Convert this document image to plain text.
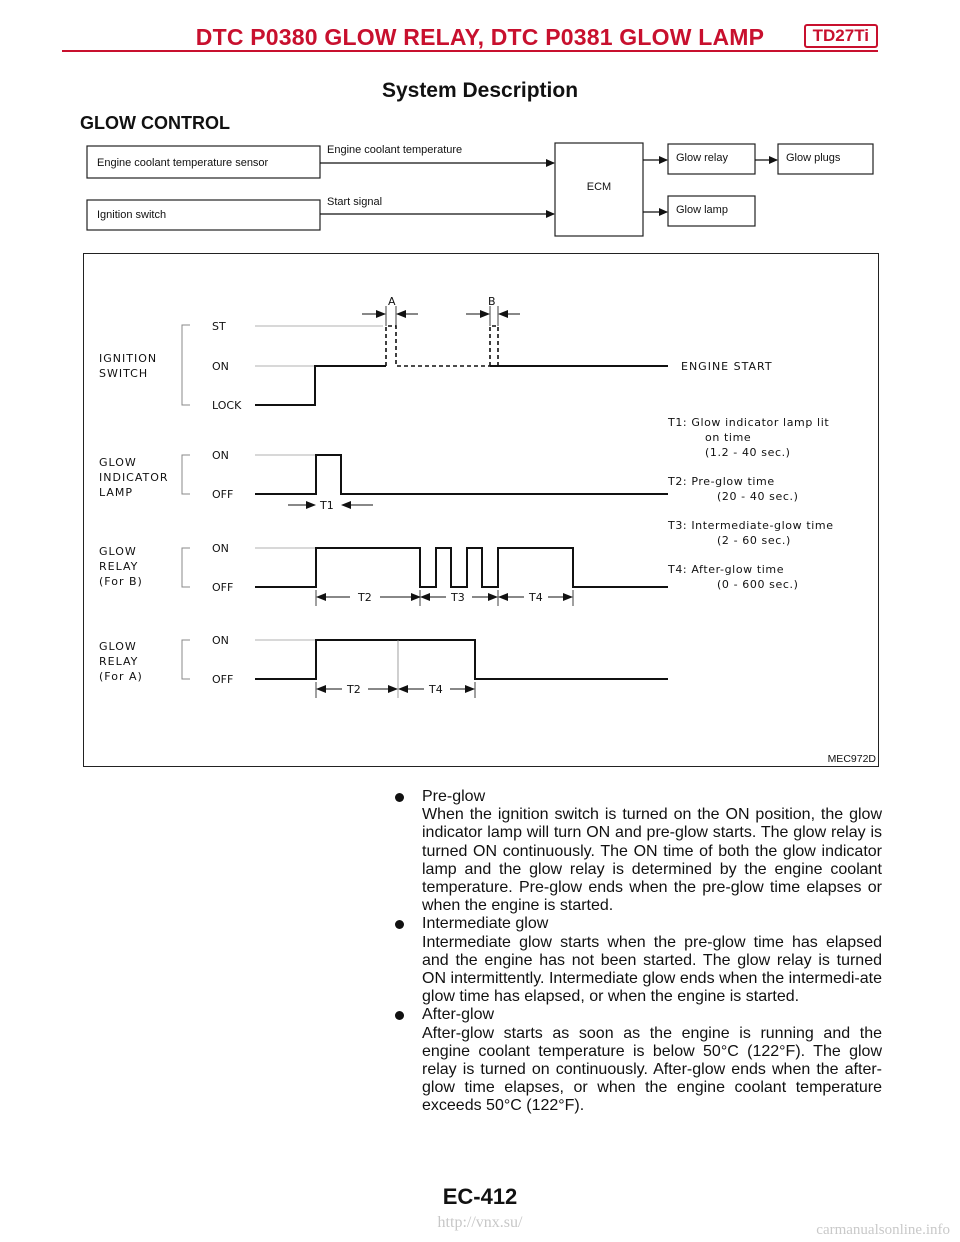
DTC P0380 GLOW RELAY, DTC P0381 GLOW LAMP	TD27Ti
System Description
GLOW CONTROL
Engine coolant temperature sensor
Ignition switch
Engine coolant temperature
Start signal
ECM
Glow relay	Glow plugs
Glow lamp
IGNITION
SWITCH
ST
ON
LOCK
A	B
ENGINE START
GLOW
INDICATOR
LAMP
ON
OFF
T1
GLOW
RELAY
(For B)
ON
OFF
T2	T3	T4
GLOW
RELAY
(For A)
ON
OFF
T2	T4
T1: Glow indicator lamp lit
on time
(1.2 - 40 sec.)
T2: Pre-glow time
(20 - 40 sec.)
T3: Intermediate-glow time
(2 - 60 sec.)
T4: After-glow time
(0 - 600 sec.)
MEC972D
Pre-glow
When the ignition switch is turned on the ON position, the glow indicator lamp will turn ON and pre-glow starts. The glow relay is turned ON continuously. The ON time of both the glow indicator lamp and the glow relay is determined by the engine coolant temperature. Pre-glow ends when the pre-glow time elapses or when the engine is started.
Intermediate glow
Intermediate glow starts when the pre-glow time has elapsed and the engine has not been started. The glow relay is turned ON intermittently. Intermediate glow ends when the intermedi-ate glow time has elapsed, or when the engine is started.
After-glow
After-glow starts as soon as the engine is running and the engine coolant temperature is below 50°C (122°F). The glow relay is turned on continuously. After-glow ends when the after-glow time elapses, or when the engine coolant temperature exceeds 50°C (122°F).
EC-412
http://vnx.su/	carmanualsonline.info
